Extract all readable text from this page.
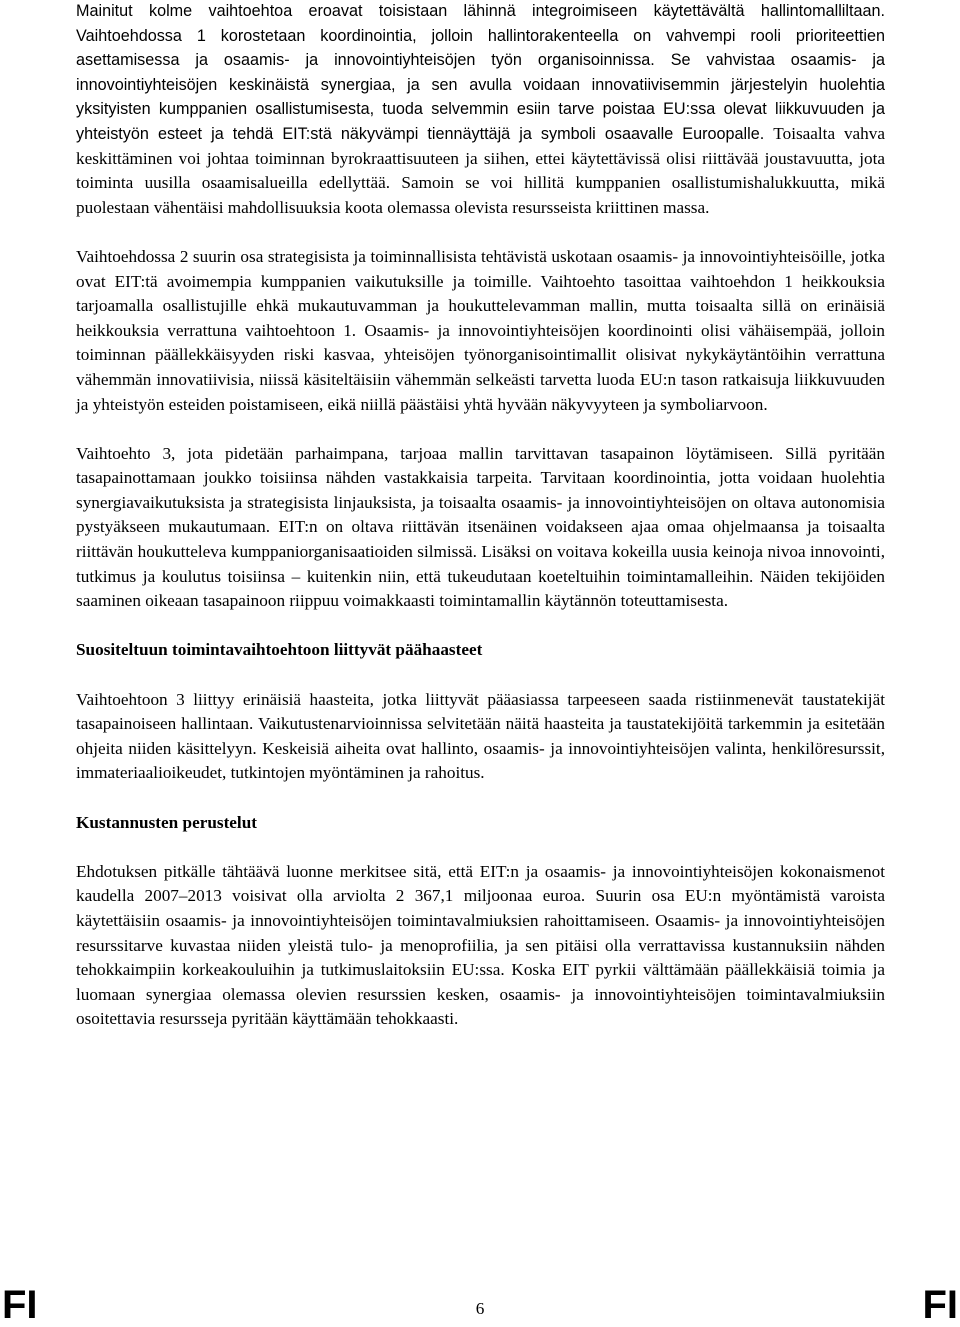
Mainitut kolme vaihtoehtoa eroavat toisistaan lähinnä integroimiseen käytettävältä hallintomalliltaan. Vaihtoehdossa 1 korostetaan koordinointia, jolloin hallintorakenteella on vahvempi rooli prioriteettien asettamisessa ja osaamis- ja innovointiyhteisöjen työn organisoinnissa. Se vahvistaa osaamis- ja innovointiyhteisöjen keskinäistä synergiaa, ja sen avulla voidaan innovatiivisemmin järjestelyin huolehtia yksityisten kumppanien osallistumisesta, tuoda selvemmin esiin tarve poistaa EU:ssa olevat liikkuvuuden ja yhteistyön esteet ja tehdä EIT:stä näkyvämpi tiennäyttäjä ja symboli osaavalle Euroopalle. Toisaalta vahva keskittäminen voi johtaa toiminnan byrokraattisuuteen ja siihen, ettei käytettävissä olisi riittävää joustavuutta, jota toiminta uusilla osaamisalueilla edellyttää. Samoin se voi hillitä kumppanien osallistumishalukkuutta, mikä puolestaan vähentäisi mahdollisuuksia koota olemassa olevista resursseista kriittinen massa.

Vaihtoehdossa 2 suurin osa strategisista ja toiminnallisista tehtävistä uskotaan osaamis- ja innovointiyhteisöille, jotka ovat EIT:tä avoimempia kumppanien vaikutuksille ja toimille. Vaihtoehto tasoittaa vaihtoehdon 1 heikkouksia tarjoamalla osallistujille ehkä mukautuvamman ja houkuttelevamman mallin, mutta toisaalta sillä on erinäisiä heikkouksia verrattuna vaihtoehtoon 1. Osaamis- ja innovointiyhteisöjen koordinointi olisi vähäisempää, jolloin toiminnan päällekkäisyyden riski kasvaa, yhteisöjen työnorganisointimallit olisivat nykykäytäntöihin verrattuna vähemmän innovatiivisia, niissä käsiteltäisiin vähemmän selkeästi tarvetta luoda EU:n tason ratkaisuja liikkuvuuden ja yhteistyön esteiden poistamiseen, eikä niillä päästäisi yhtä hyvään näkyvyyteen ja symboliarvoon.

Vaihtoehto 3, jota pidetään parhaimpana, tarjoaa mallin tarvittavan tasapainon löytämiseen. Sillä pyritään tasapainottamaan joukko toisiinsa nähden vastakkaisia tarpeita. Tarvitaan koordinointia, jotta voidaan huolehtia synergiavaikutuksista ja strategisista linjauksista, ja toisaalta osaamis- ja innovointiyhteisöjen on oltava autonomisia pystyäkseen mukautumaan. EIT:n on oltava riittävän itsenäinen voidakseen ajaa omaa ohjelmaansa ja toisaalta riittävän houkutteleva kumppaniorganisaatioiden silmissä. Lisäksi on voitava kokeilla uusia keinoja nivoa innovointi, tutkimus ja koulutus toisiinsa – kuitenkin niin, että tukeudutaan koeteltuihin toimintamalleihin. Näiden tekijöiden saaminen oikeaan tasapainoon riippuu voimakkaasti toimintamallin käytännön toteuttamisesta.

Suositeltuun toimintavaihtoehtoon liittyvät päähaasteet

Vaihtoehtoon 3 liittyy erinäisiä haasteita, jotka liittyvät pääasiassa tarpeeseen saada ristiinmenevät taustatekijät tasapainoiseen hallintaan. Vaikutustenarvioinnissa selvitetään näitä haasteita ja taustatekijöitä tarkemmin ja esitetään ohjeita niiden käsittelyyn. Keskeisiä aiheita ovat hallinto, osaamis- ja innovointiyhteisöjen valinta, henkilöresurssit, immateriaalioikeudet, tutkintojen myöntäminen ja rahoitus.

Kustannusten perustelut

Ehdotuksen pitkälle tähtäävä luonne merkitsee sitä, että EIT:n ja osaamis- ja innovointiyhteisöjen kokonaismenot kaudella 2007–2013 voisivat olla arviolta 2 367,1 miljoonaa euroa. Suurin osa EU:n myöntämistä varoista käytettäisiin osaamis- ja innovointiyhteisöjen toimintavalmiuksien rahoittamiseen. Osaamis- ja innovointiyhteisöjen resurssitarve kuvastaa niiden yleistä tulo- ja menoprofiilia, ja sen pitäisi olla verrattavissa kustannuksiin nähden tehokkaimpiin korkeakouluihin ja tutkimuslaitoksiin EU:ssa. Koska EIT pyrkii välttämään päällekkäisiä toimia ja luomaan synergiaa olemassa olevien resurssien kesken, osaamis- ja innovointiyhteisöjen toimintavalmiuksiin osoitettavia resursseja pyritään käyttämään tehokkaasti.

FI	6	FI
